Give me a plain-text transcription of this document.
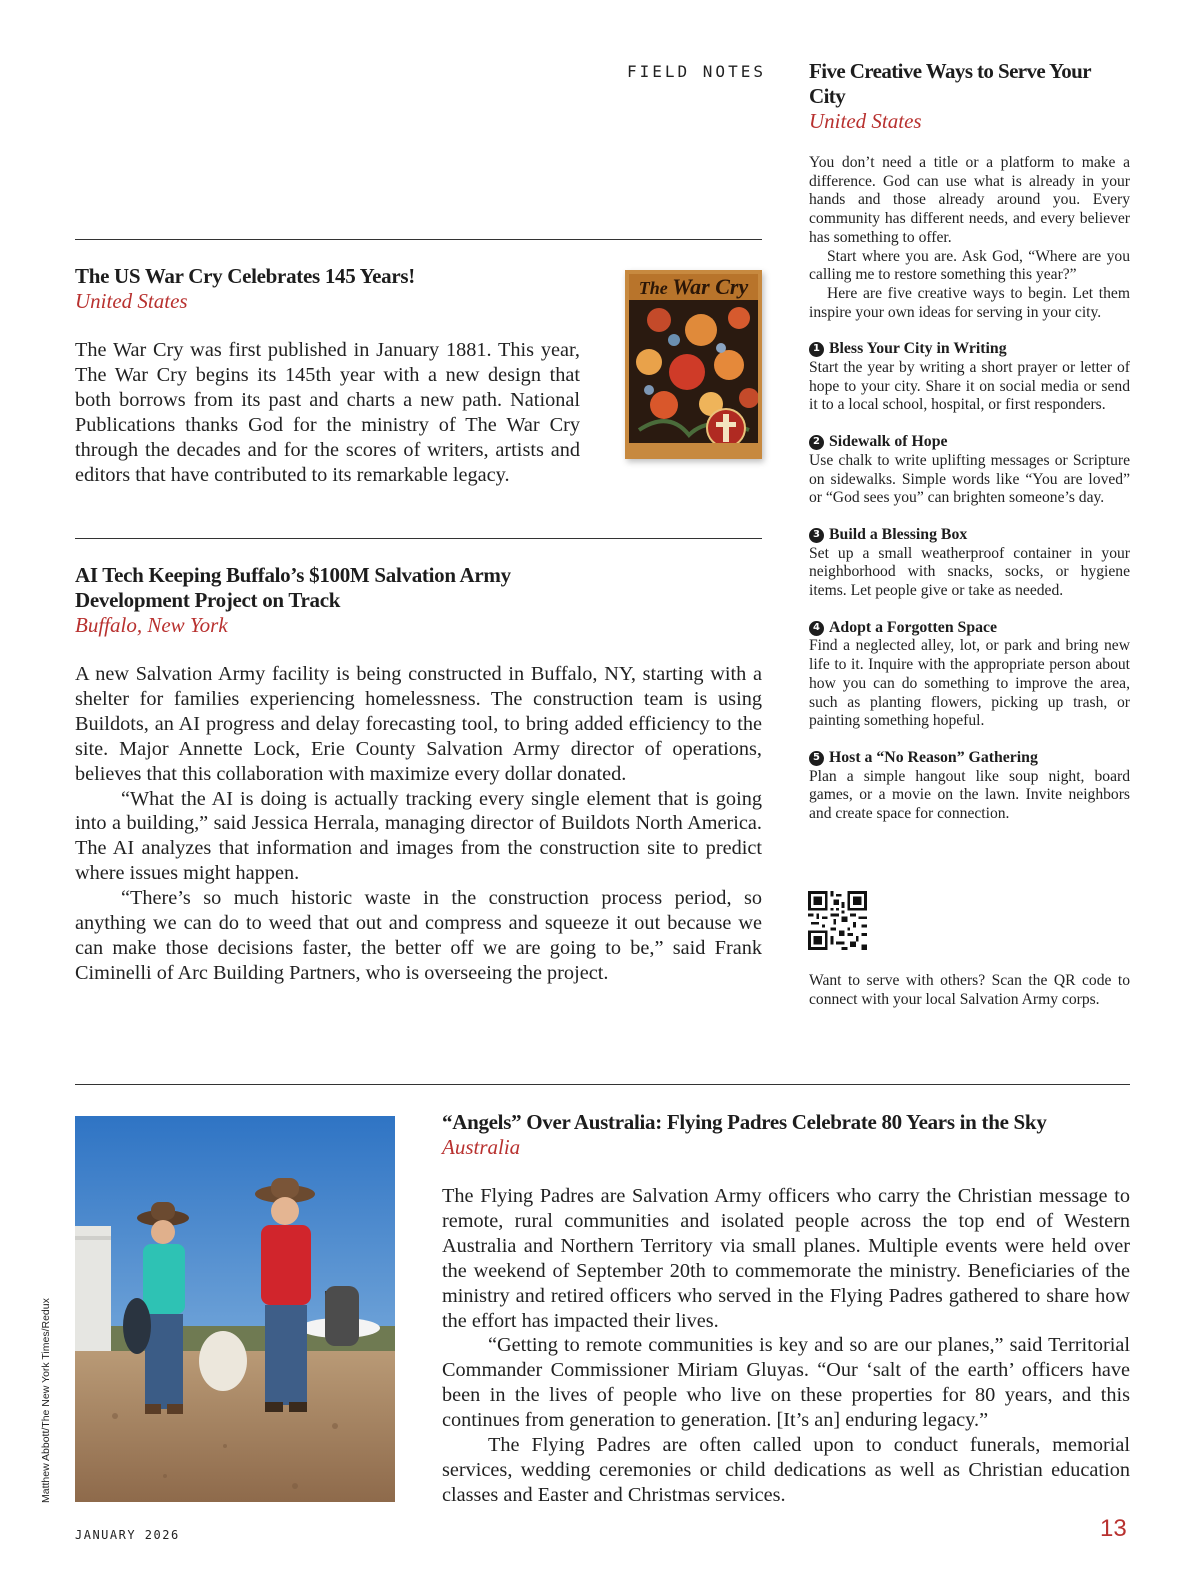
FIELD NOTES
The US War Cry Celebrates 145 Years!
United States

The War Cry was first published in January 1881. This year, The War Cry begins its 145th year with a new design that both borrows from its past and charts a new path. National Publications thanks God for the ministry of The War Cry through the decades and for the scores of writers, artists and editors that have contributed to its remarkable legacy.

The War Cry
AI Tech Keeping Buffalo’s $100M Salvation Army Development Project on Track
Buffalo, New York

A new Salvation Army facility is being constructed in Buffalo, NY, starting with a shelter for families experiencing homelessness. The construction team is using Buildots, an AI progress and delay forecasting tool, to bring added efficiency to the site. Major Annette Lock, Erie County Salvation Army director of operations, believes that this collaboration with maximize every dollar donated.

“What the AI is doing is actually tracking every single element that is going into a building,” said Jessica Herrala, managing director of Buildots North America. The AI analyzes that information and images from the construction site to predict where issues might happen.

“There’s so much historic waste in the construction process period, so anything we can do to weed that out and compress and squeeze it out because we can make those decisions faster, the better off we are going to be,” said Frank Ciminelli of Arc Building Partners, who is overseeing the project.

Five Creative Ways to Serve Your City
United States

You don’t need a title or a platform to make a difference. God can use what is already in your hands and those already around you. Every community has different needs, and every believer has something to offer.

Start where you are. Ask God, “Where are you calling me to restore something this year?”

Here are five creative ways to begin. Let them inspire your own ideas for serving in your city.

1 Bless Your City in Writing
Start the year by writing a short prayer or letter of hope to your city. Share it on social media or send it to a local school, hospital, or first responders.
2 Sidewalk of Hope
Use chalk to write uplifting messages or Scripture on sidewalks. Simple words like “You are loved” or “God sees you” can brighten someone’s day.
3 Build a Blessing Box
Set up a small weatherproof container in your neighborhood with snacks, socks, or hygiene items. Let people give or take as needed.
4 Adopt a Forgotten Space
Find a neglected alley, lot, or park and bring new life to it. Inquire with the appropriate person about how you can do something to improve the area, such as planting flowers, picking up trash, or painting something hopeful.
5 Host a “No Reason” Gathering
Plan a simple hangout like soup night, board games, or a movie on the lawn. Invite neighbors and create space for connection.
Want to serve with others? Scan the QR code to connect with your local Salvation Army corps.
Matthew Abbott/The New York Times/Redux
“Angels” Over Australia: Flying Padres Celebrate 80 Years in the Sky
Australia

The Flying Padres are Salvation Army officers who carry the Christian message to remote, rural communities and isolated people across the top end of Western Australia and Northern Territory via small planes. Multiple events were held over the weekend of September 20th to commemorate the ministry. Beneficiaries of the ministry and retired officers who served in the Flying Padres gathered to share how the effort has impacted their lives.

“Getting to remote communities is key and so are our planes,” said Territorial Commander Commissioner Miriam Gluyas. “Our ‘salt of the earth’ officers have been in the lives of people who live on these properties for 80 years, and this continues from generation to generation. [It’s an] enduring legacy.”

The Flying Padres are often called upon to conduct funerals, memorial services, wedding ceremonies or child dedications as well as Christian education classes and Easter and Christmas services.

JANUARY 2026	13
